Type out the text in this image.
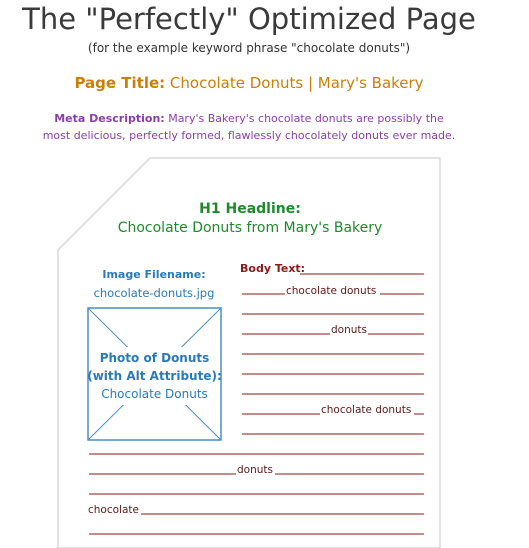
The "Perfectly" Optimized Page
(for the example keyword phrase "chocolate donuts")
Page Title: Chocolate Donuts | Mary's Bakery
Meta Description: Mary's Bakery's chocolate donuts are possibly the most delicious, perfectly formed, flawlessly chocolately donuts ever made.
H1 Headline:
Chocolate Donuts from Mary's Bakery
Image Filename:
chocolate-donuts.jpg
Photo of Donuts
(with Alt Attribute):
Chocolate Donuts
Body Text:
chocolate donuts
donuts
chocolate donuts
donuts
chocolate
